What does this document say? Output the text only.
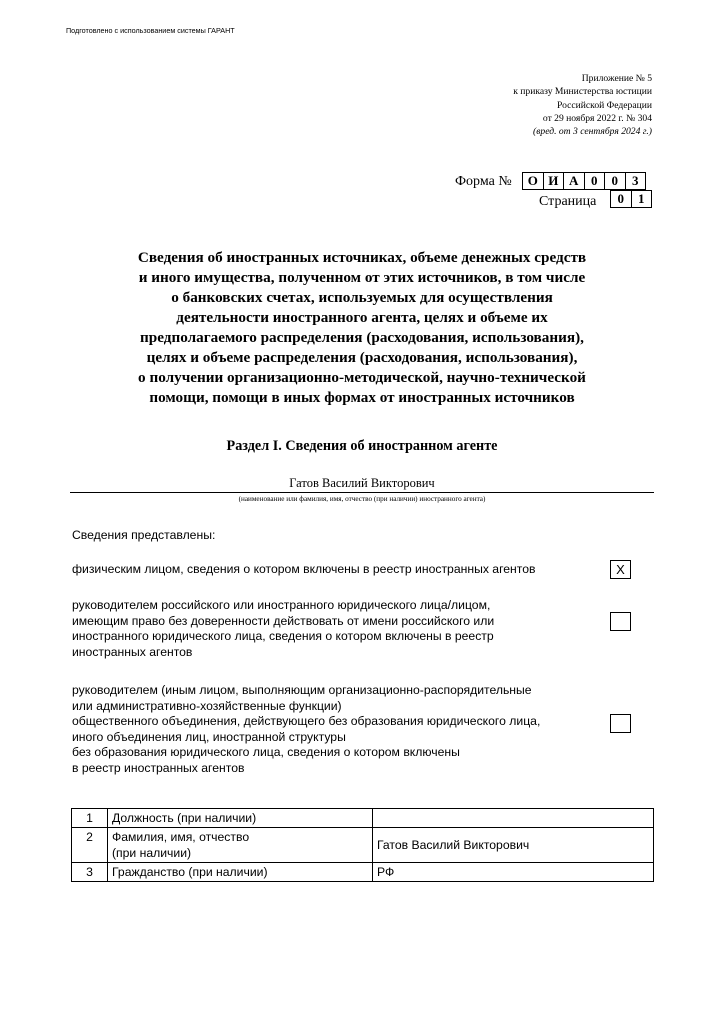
Подготовлено с использованием системы ГАРАНТ
Приложение № 5
к приказу Министерства юстиции
Российской Федерации
от 29 ноября 2022 г. № 304
(вред. от 3 сентября 2024 г.)
Форма №	О И А 0	0	3
Страница	0	1
Сведения об иностранных источниках, объеме денежных средств
и иного имущества, полученном от этих источников, в том числе
о банковских счетах, используемых для осуществления
деятельности иностранного агента, целях и объеме их
предполагаемого распределения (расходования, использования),
целях и объеме распределения (расходования, использования),
о получении организационно-методической, научно-технической
помощи, помощи в иных формах от иностранных источников
Раздел I. Сведения об иностранном агенте
Гатов Василий Викторович
(наименование или фамилия, имя, отчество (при наличии) иностранного агента)
Сведения представлены:
физическим лицом, сведения о котором включены в реестр иностранных агентов	X
руководителем российского или иностранного юридического лица/лицом,
имеющим право без доверенности действовать от имени российского или
иностранного юридического лица, сведения о котором включены в реестр
иностранных агентов
руководителем (иным лицом, выполняющим организационно-распорядительные
или административно-хозяйственные функции)
общественного объединения, действующего без образования юридического лица,
иного объединения лиц, иностранной структуры
без образования юридического лица, сведения о котором включены
в реестр иностранных агентов
1	Должность (при наличии)	

2	Фамилия, имя, отчество
(при наличии)	Гатов Василий Викторович
3	Гражданство (при наличии)	РФ
